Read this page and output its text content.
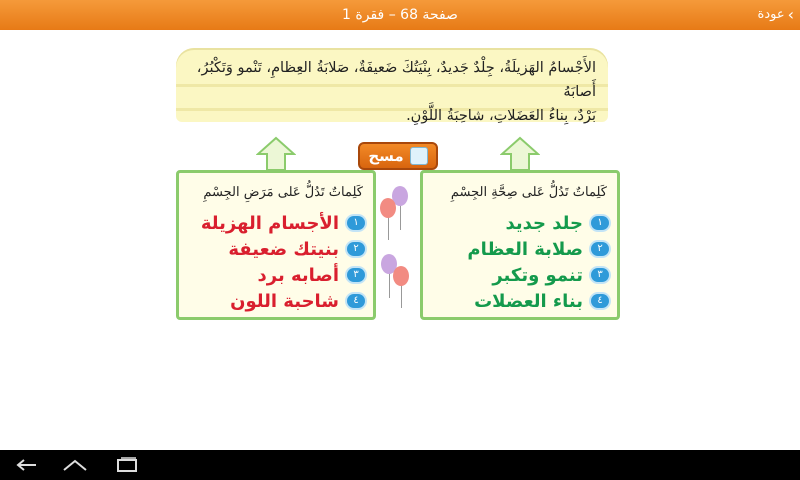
صفحة 68 – فقرة 1	عودة ‹
الأَجْسامُ الهَزيلَةُ، جِلْدٌ جَديدٌ، بِنْيَتُكَ ضَعيفَةٌ، صَلابَةُ العِظامِ، تَنْمو وَتَكْبُرُ، أَصابَهُ
بَرْدٌ، بِناءُ العَضَلاتِ، شاحِبَةُ اللَّوْنِ.
مسح
كَلِماتٌ تَدُلُّ عَلى مَرَضِ الجِسْمِ
١
الأجسام الهزيلة
٢
بنيتك ضعيفة
٣
أصابه برد
٤
شاحبة اللون
كَلِماتٌ تَدُلُّ عَلى صِحَّةِ الجِسْمِ
١
جلد جديد
٢
صلابة العظام
٣
تنمو وتكبر
٤
بناء العضلات
